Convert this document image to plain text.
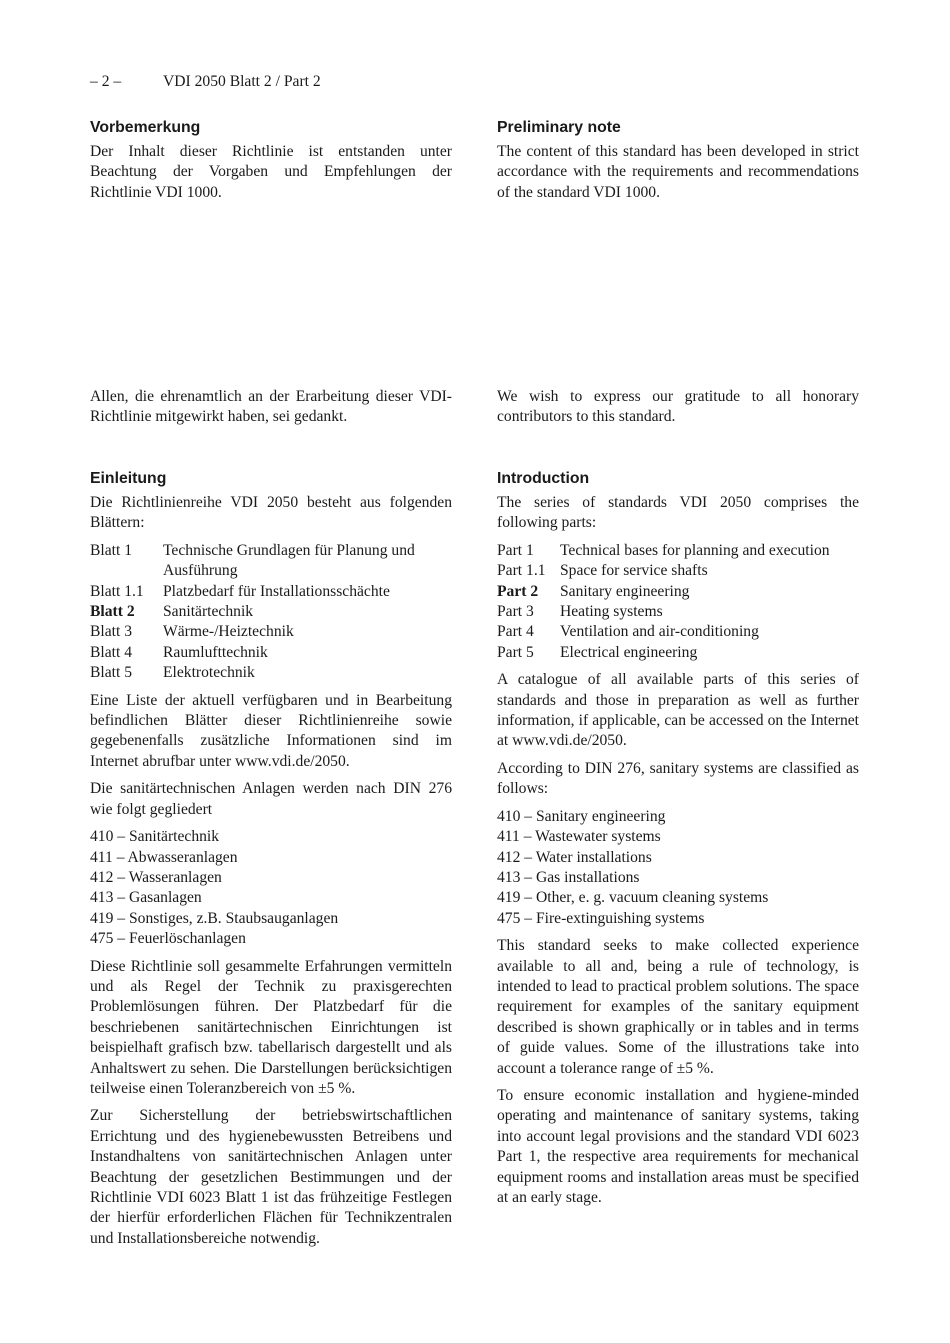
– 2 –	VDI 2050 Blatt 2 / Part 2
Vorbemerkung

Der Inhalt dieser Richtlinie ist entstanden unter Beachtung der Vorgaben und Empfehlungen der Richtlinie VDI 1000.

Allen, die ehrenamtlich an der Erarbeitung dieser VDI-Richtlinie mitgewirkt haben, sei gedankt.

Einleitung

Die Richtlinienreihe VDI 2050 besteht aus folgenden Blättern:

Blatt 1	Technische Grundlagen für Planung und Ausführung
Blatt 1.1	Platzbedarf für Installationsschächte
Blatt 2	Sanitärtechnik
Blatt 3	Wärme-/Heiztechnik
Blatt 4	Raumlufttechnik
Blatt 5	Elektrotechnik

Eine Liste der aktuell verfügbaren und in Bearbeitung befindlichen Blätter dieser Richtlinienreihe sowie gegebenenfalls zusätzliche Informationen sind im Internet abrufbar unter www.vdi.de/2050.

Die sanitärtechnischen Anlagen werden nach DIN 276 wie folgt gegliedert

410 – Sanitärtechnik
411 – Abwasseranlagen
412 – Wasseranlagen
413 – Gasanlagen
419 – Sonstiges, z.B. Staubsauganlagen
475 – Feuerlöschanlagen

Diese Richtlinie soll gesammelte Erfahrungen vermitteln und als Regel der Technik zu praxisgerechten Problemlösungen führen. Der Platzbedarf für die beschriebenen sanitärtechnischen Einrichtungen ist beispielhaft grafisch bzw. tabellarisch dargestellt und als Anhaltswert zu sehen. Die Darstellungen berücksichtigen teilweise einen Toleranzbereich von ±5 %.

Zur Sicherstellung der betriebswirtschaftlichen Errichtung und des hygienebewussten Betreibens und Instandhaltens von sanitärtechnischen Anlagen unter Beachtung der gesetzlichen Bestimmungen und der Richtlinie VDI 6023 Blatt 1 ist das frühzeitige Festlegen der hierfür erforderlichen Flächen für Technikzentralen und Installationsbereiche notwendig.

Preliminary note

The content of this standard has been developed in strict accordance with the requirements and recommendations of the standard VDI 1000.

We wish to express our gratitude to all honorary contributors to this standard.

Introduction

The series of standards VDI 2050 comprises the following parts:

Part 1	Technical bases for planning and execution
Part 1.1 Space for service shafts
Part 2	Sanitary engineering
Part 3	Heating systems
Part 4	Ventilation and air-conditioning
Part 5	Electrical engineering

A catalogue of all available parts of this series of standards and those in preparation as well as further information, if applicable, can be accessed on the Internet at www.vdi.de/2050.

According to DIN 276, sanitary systems are classified as follows:

410 – Sanitary engineering
411 – Wastewater systems
412 – Water installations
413 – Gas installations
419 – Other, e. g. vacuum cleaning systems
475 – Fire-extinguishing systems

This standard seeks to make collected experience available to all and, being a rule of technology, is intended to lead to practical problem solutions. The space requirement for examples of the sanitary equipment described is shown graphically or in tables and in terms of guide values. Some of the illustrations take into account a tolerance range of ±5 %.

To ensure economic installation and hygiene-minded operating and maintenance of sanitary systems, taking into account legal provisions and the standard VDI 6023 Part 1, the respective area requirements for mechanical equipment rooms and installation areas must be specified at an early stage.
